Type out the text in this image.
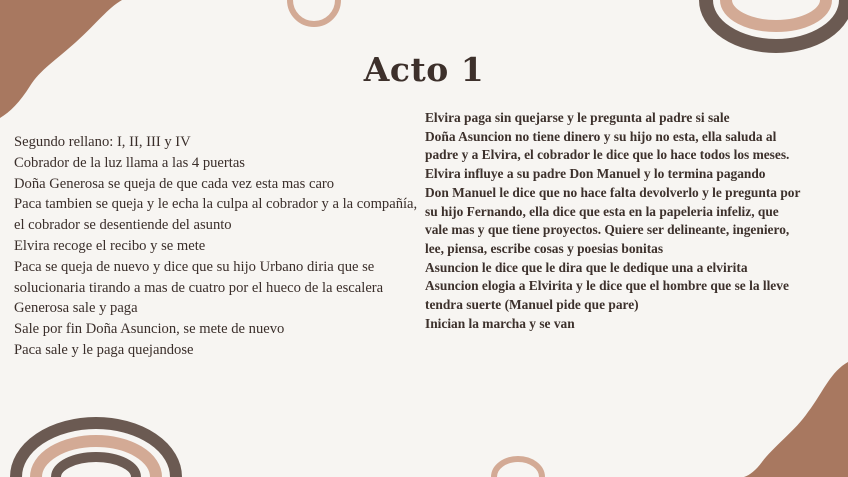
Acto 1

Segundo rellano: I, II, III y IV

Cobrador de la luz llama a las 4 puertas

Doña Generosa se queja de que cada vez esta mas caro

Paca tambien se queja y le echa la culpa al cobrador y a la compañía, el cobrador se desentiende del asunto

Elvira recoge el recibo y se mete

Paca se queja de nuevo y dice que su hijo Urbano diria que se solucionaria tirando a mas de cuatro por el hueco de la escalera

Generosa sale y paga

Sale por fin Doña Asuncion, se mete de nuevo

Paca sale y le paga quejandose

Elvira paga sin quejarse y le pregunta al padre si sale

Doña Asuncion no tiene dinero y su hijo no esta, ella saluda al padre y a Elvira, el cobrador le dice que lo hace todos los meses. Elvira influye a su padre Don Manuel y lo termina pagando

Don Manuel le dice que no hace falta devolverlo y le pregunta por su hijo Fernando, ella dice que esta en la papeleria infeliz, que vale mas y que tiene proyectos. Quiere ser delineante, ingeniero, lee, piensa, escribe cosas y poesias bonitas

Asuncion le dice que le dira que le dedique una a elvirita

Asuncion elogia a Elvirita y le dice que el hombre que se la lleve tendra suerte (Manuel pide que pare)

Inician la marcha y se van
